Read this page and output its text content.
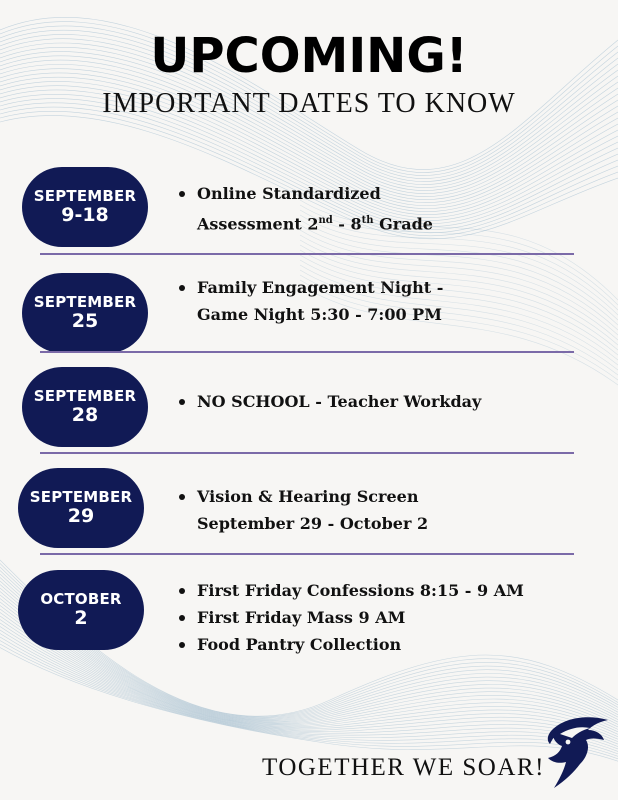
UPCOMING!
IMPORTANT DATES TO KNOW
SEPTEMBER
9-18
Online Standardized
Assessment 2nd - 8th Grade
SEPTEMBER
25
Family Engagement Night -
Game Night 5:30 - 7:00 PM
SEPTEMBER
28
NO SCHOOL - Teacher Workday
SEPTEMBER
29
Vision & Hearing Screen
September 29 - October 2
OCTOBER
2
First Friday Confessions 8:15 - 9 AM
First Friday Mass 9 AM
Food Pantry Collection
TOGETHER WE SOAR!
